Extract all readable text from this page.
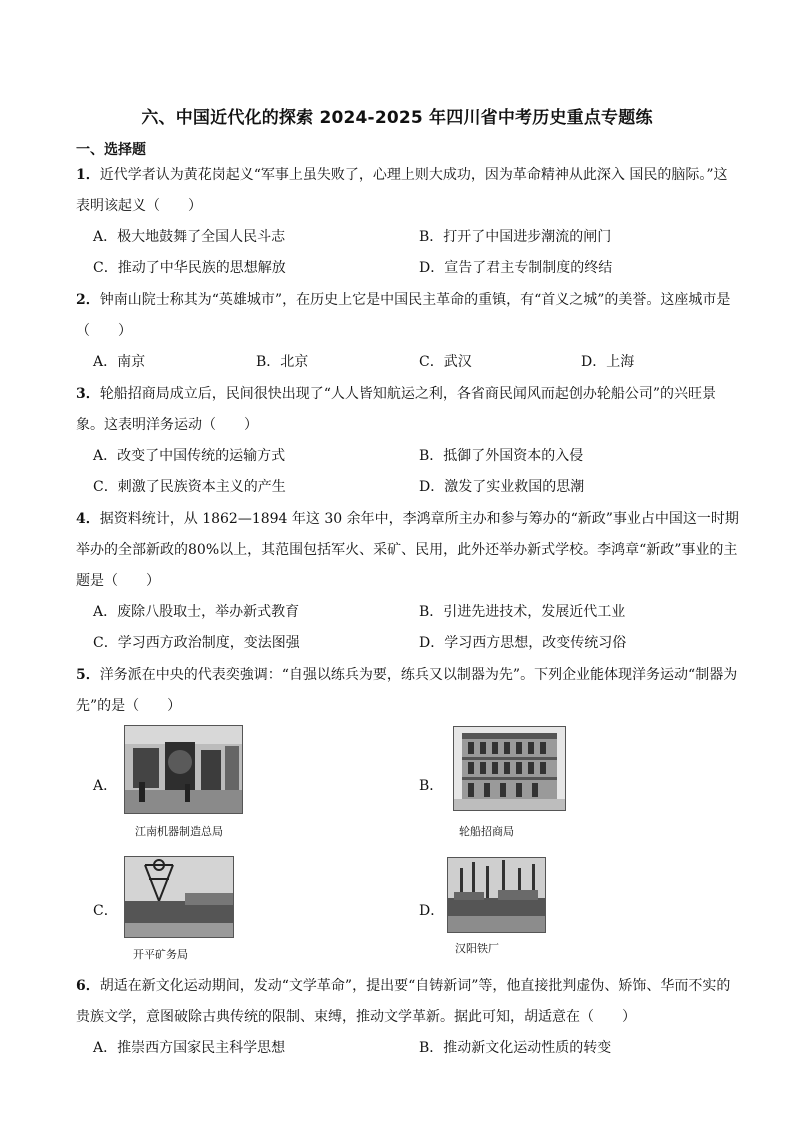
六、中国近代化的探索 2024-2025 年四川省中考历史重点专题练
一、选择题
1．近代学者认为黄花岗起义“军事上虽失败了，心理上则大成功，因为革命精神从此深入 国民的脑际。”这表明该起义（　　）
A．极大地鼓舞了全国人民斗志	B．打开了中国进步潮流的闸门
C．推动了中华民族的思想解放	D．宣告了君主专制制度的终结
2．钟南山院士称其为“英雄城市”，在历史上它是中国民主革命的重镇，有“首义之城”的美誉。这座城市是（　　）
A．南京	B．北京	C．武汉	D．上海
3．轮船招商局成立后，民间很快出现了“人人皆知航运之利，各省商民闻风而起创办轮船公司”的兴旺景象。这表明洋务运动（　　）
A．改变了中国传统的运输方式	B．抵御了外国资本的入侵
C．刺激了民族资本主义的产生	D．激发了实业救国的思潮
4．据资料统计，从 1862—1894 年这 30 余年中，李鸿章所主办和参与筹办的“新政”事业占中国这一时期举办的全部新政的80%以上，其范围包括军火、采矿、民用，此外还举办新式学校。李鸿章“新政”事业的主题是（　　）
A．废除八股取士，举办新式教育	B．引进先进技术，发展近代工业
C．学习西方政治制度，变法图强	D．学习西方思想，改变传统习俗
5．洋务派在中央的代表奕強调：“自强以练兵为要，练兵又以制器为先”。下列企业能体现洋务运动“制器为先”的是（　　）
A．
江南机器制造总局
B．
轮船招商局
C．
开平矿务局
D．
汉阳铁厂
6．胡适在新文化运动期间，发动“文学革命”，提出要“自铸新词”等，他直接批判虚伪、矫饰、华而不实的贵族文学，意图破除古典传统的限制、束缚，推动文学革新。据此可知，胡适意在（　　）
A．推崇西方国家民主科学思想	B．推动新文化运动性质的转变
